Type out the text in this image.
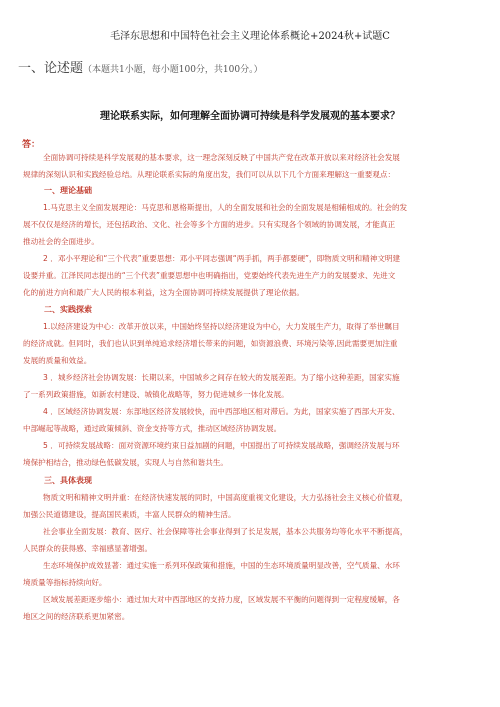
毛泽东思想和中国特色社会主义理论体系概论+2024秋+试题C
一、论述题（本题共1小题，每小题100分，共100分。）
理论联系实际，如何理解全面协调可持续是科学发展观的基本要求？
答：
全面协调可持续是科学发展观的基本要求，这一理念深刻反映了中国共产党在改革开放以来对经济社会发展
规律的深刻认识和实践经验总结。从理论联系实际的角度出发，我们可以从以下几个方面来理解这一重要观点：
一、理论基础
1.马克思主义全面发展理论：马克思和恩格斯提出，人的全面发展和社会的全面发展是相辅相成的。社会的发
展不仅仅是经济的增长，还包括政治、文化、社会等多个方面的进步。只有实现各个领域的协调发展，才能真正
推动社会的全面进步。
2 ．邓小平理论和“三个代表”重要思想：邓小平同志强调“两手抓，两手都要硬”，即物质文明和精神文明建
设要并重。江泽民同志提出的“三个代表”重要思想中也明确指出，党要始终代表先进生产力的发展要求、先进文
化的前进方向和最广大人民的根本利益，这为全面协调可持续发展提供了理论依据。
二、实践探索
1.以经济建设为中心：改革开放以来，中国始终坚持以经济建设为中心，大力发展生产力，取得了举世瞩目
的经济成就。但同时，我们也认识到单纯追求经济增长带来的问题，如资源浪费、环境污染等,因此需要更加注重
发展的质量和效益。
3 ．城乡经济社会协调发展：长期以来，中国城乡之间存在较大的发展差距。为了缩小这种差距，国家实施
了一系列政策措施，如新农村建设、城镇化战略等，努力促进城乡一体化发展。
4 ．区域经济协调发展：东部地区经济发展较快，而中西部地区相对滞后。为此，国家实施了西部大开发、
中部崛起等战略，通过政策倾斜、资金支持等方式，推动区域经济协调发展。
5 ．可持续发展战略：面对资源环境约束日益加剧的问题，中国提出了可持续发展战略，强调经济发展与环
境保护相结合，推动绿色低碳发展，实现人与自然和谐共生。
三、具体表现
物质文明和精神文明并重：在经济快速发展的同时，中国高度重视文化建设，大力弘扬社会主义核心价值观，
加强公民道德建设，提高国民素质，丰富人民群众的精神生活。
社会事业全面发展：教育、医疗、社会保障等社会事业得到了长足发展，基本公共服务均等化水平不断提高，
人民群众的获得感、幸福感显著增强。
生态环境保护成效显著：通过实施一系列环保政策和措施，中国的生态环境质量明显改善，空气质量、水环
境质量等指标持续向好。
区域发展差距逐步缩小：通过加大对中西部地区的支持力度，区域发展不平衡的问题得到一定程度缓解，各
地区之间的经济联系更加紧密。
